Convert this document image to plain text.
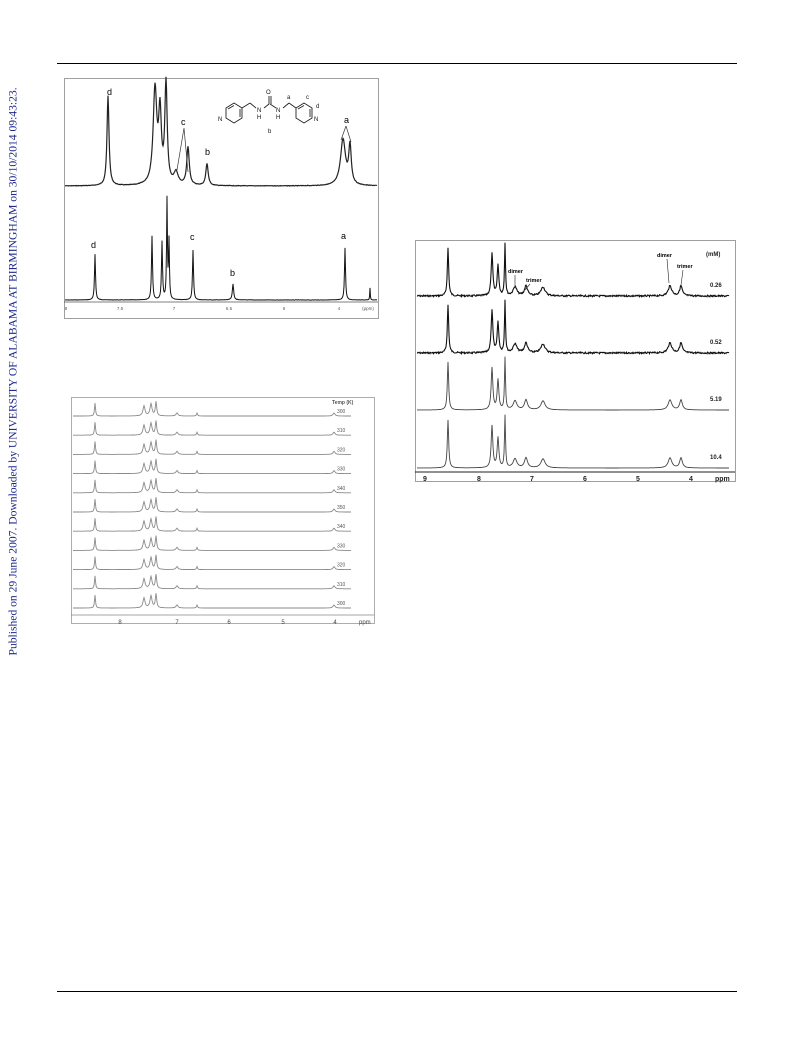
Published on 29 June 2007. Downloaded by UNIVERSITY OF ALABAMA AT BIRMINGHAM on 30/10/2014 09:43:23.	8	7.5	7	6.5	6	4	(ppm)
d
c
b
a
d
c
b
a
N
O
N
H
N
H	N
a
b
c
d
300
310
320
330
340
350
340
330
320
310
300
Temp (K)
8	7	6	5	4	ppm
0.26
0.52
5.19
10.4
(mM)
dimer
trimer
dimer
trimer
9	8	7	6	5	4	ppm
